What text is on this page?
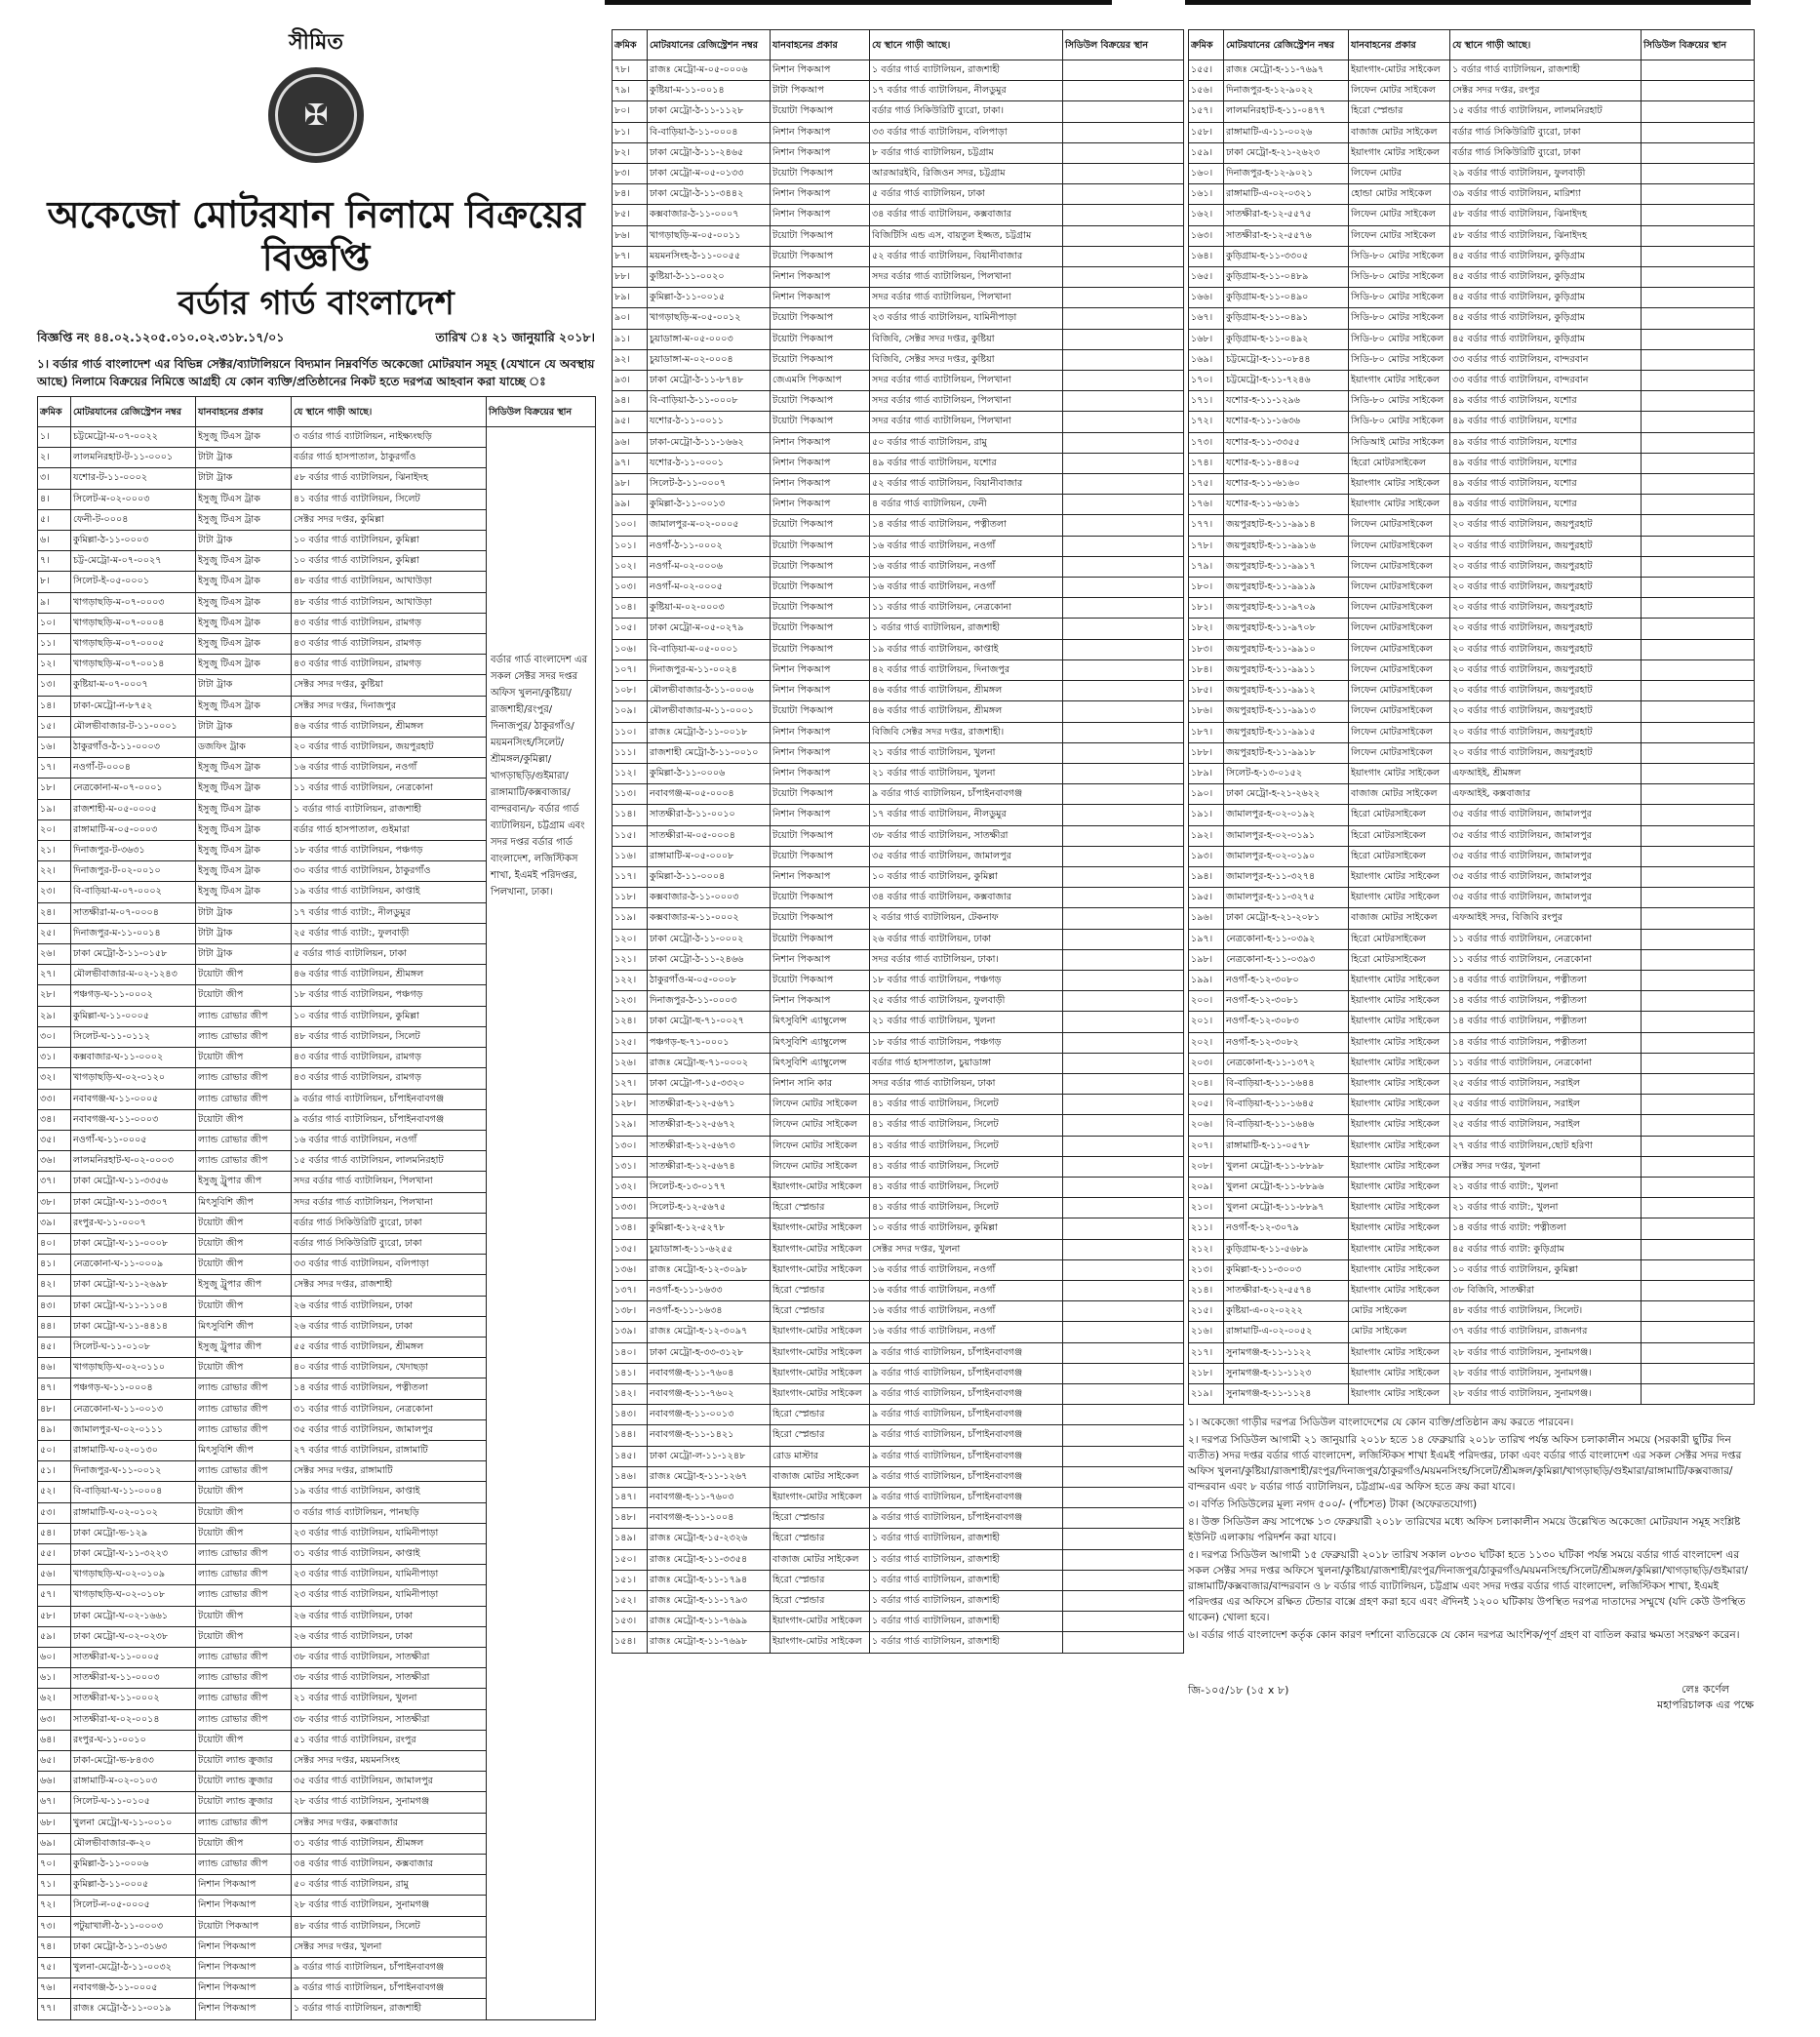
সীমিত
✠
অকেজো মোটরযান নিলামে বিক্রয়ের বিজ্ঞপ্তি
বর্ডার গার্ড বাংলাদেশ
বিজ্ঞপ্তি নং ৪৪.০২.১২০৫.০১০.০২.৩১৮.১৭/০১	তারিখ ঃ ২১ জানুয়ারি ২০১৮।
১। বর্ডার গার্ড বাংলাদেশ এর বিভিন্ন সেক্টর/ব্যাটালিয়নে বিদ্যমান নিম্নবর্ণিত অকেজো মোটরযান সমূহ (যেখানে যে অবস্থায় আছে) নিলামে বিক্রয়ের নিমিত্তে আগ্রহী যে কোন ব্যক্তি/প্রতিষ্ঠানের নিকট হতে দরপত্র আহবান করা যাচ্ছে ঃ
ক্রমিক	মোটরযানের রেজিস্ট্রেশন নম্বর	যানবাহনের প্রকার	যে স্থানে গাড়ী আছে।	সিডিউল বিক্রয়ের স্থান
১।	চট্টমেট্রো-ম-০৭-০০২২	ইসুজু টিএস ট্রাক	৩ বর্ডার গার্ড ব্যাটালিয়ন, নাইক্ষ্যংছড়ি	বর্ডার গার্ড বাংলাদেশ এর সকল সেক্টর সদর দপ্তর অফিস খুলনা/কুষ্টিয়া/ রাজশাহী/রংপুর/দিনাজপুর/ ঠাকুরগাঁও/ময়মনসিংহ/সিলেট/শ্রীমঙ্গল/কুমিল্লা/খাগড়াছড়ি/গুইমারা/রাঙ্গামাটি/কক্সবাজার/বান্দরবান/৮ বর্ডার গার্ড ব্যাটালিয়ন, চট্টগ্রাম এবং সদর দপ্তর বর্ডার গার্ড বাংলাদেশ, লজিস্টিকস শাখা, ইএমই পরিদপ্তর, পিলখানা, ঢাকা।
২।	লালমনিরহাট-ট-১১-০০০১	টাটা ট্রাক	বর্ডার গার্ড হাসপাতাল, ঠাকুরগাঁও	
৩।	যশোর-ট-১১-০০০২	টাটা ট্রাক	৫৮ বর্ডার গার্ড ব্যাটালিয়ন, ঝিনাইদহ	
৪।	সিলেট-ম-০২-০০০৩	ইসুজু টিএস ট্রাক	৪১ বর্ডার গার্ড ব্যাটালিয়ন, সিলেট	
৫।	ফেনী-ট-০০০৪	ইসুজু টিএস ট্রাক	সেক্টর সদর দপ্তর, কুমিল্লা	
৬।	কুমিল্লা-ঠ-১১-০০০৩	টাটা ট্রাক	১০ বর্ডার গার্ড ব্যাটালিয়ন, কুমিল্লা	
৭।	চট্ট-মেট্রো-ম-০৭-০০২৭	ইসুজু টিএস ট্রাক	১০ বর্ডার গার্ড ব্যাটালিয়ন, কুমিল্লা	
৮।	সিলেট-ই-০৫-০০০১	ইসুজু টিএস ট্রাক	৪৮ বর্ডার গার্ড ব্যাটালিয়ন, আখাউড়া	
৯।	খাগড়াছড়ি-ম-০৭-০০০৩	ইসুজু টিএস ট্রাক	৪৮ বর্ডার গার্ড ব্যাটালিয়ন, আখাউড়া	
১০।	খাগড়াছড়ি-ম-০৭-০০০৪	ইসুজু টিএস ট্রাক	৪৩ বর্ডার গার্ড ব্যাটালিয়ন, রামগড়	
১১।	খাগড়াছড়ি-ম-০৭-০০০৫	ইসুজু টিএস ট্রাক	৪৩ বর্ডার গার্ড ব্যাটালিয়ন, রামগড়	
১২।	খাগড়াছড়ি-ম-০৭-০০১৪	ইসুজু টিএস ট্রাক	৪৩ বর্ডার গার্ড ব্যাটালিয়ন, রামগড়	
১৩।	কুষ্টিয়া-ম-০৭-০০০৭	টাটা ট্রাক	সেক্টর সদর দপ্তর, কুষ্টিয়া	
১৪।	ঢাকা-মেট্রো-ন-৮৭৫২	ইসুজু টিএস ট্রাক	সেক্টর সদর দপ্তর, দিনাজপুর	
১৫।	মৌলভীবাজার-ট-১১-০০০১	টাটা ট্রাক	৪৬ বর্ডার গার্ড ব্যাটালিয়ন, শ্রীমঙ্গল	
১৬।	ঠাকুরগাঁও-ঠ-১১-০০০৩	ডজফিং ট্রাক	২০ বর্ডার গার্ড ব্যাটালিয়ন, জয়পুরহাট	
১৭।	নওগাঁ-ট-০০০৪	ইসুজু টিএস ট্রাক	১৬ বর্ডার গার্ড ব্যাটালিয়ন, নওগাঁ	
১৮।	নেত্রকোনা-ম-০৭-০০০১	ইসুজু টিএস ট্রাক	১১ বর্ডার গার্ড ব্যাটালিয়ন, নেত্রকোনা	
১৯।	রাজশাহী-ম-০৫-০০০৫	ইসুজু টিএস ট্রাক	১ বর্ডার গার্ড ব্যাটালিয়ন, রাজশাহী	
২০।	রাঙ্গামাটি-ম-০৫-০০০৩	ইসুজু টিএস ট্রাক	বর্ডার গার্ড হাসপাতাল, গুইমারা	
২১।	দিনাজপুর-ট-৩৬৩১	ইসুজু টিএস ট্রাক	১৮ বর্ডার গার্ড ব্যাটালিয়ন, পঞ্চগড়	
২২।	দিনাজপুর-ট-০২-০০১০	ইসুজু টিএস ট্রাক	৩০ বর্ডার গার্ড ব্যাটালিয়ন, ঠাকুরগাঁও	
২৩।	বি-বাড়িয়া-ম-০৭-০০০২	ইসুজু টিএস ট্রাক	১৯ বর্ডার গার্ড ব্যাটালিয়ন, কাপ্তাই	
২৪।	সাতক্ষীরা-ম-০৭-০০০৪	টাটা ট্রাক	১৭ বর্ডার গার্ড ব্যাটা:, নীলডুমুর	
২৫।	দিনাজপুর-ম-১১-০০১৪	টাটা ট্রাক	২৫ বর্ডার গার্ড ব্যাটা:, ফুলবাড়ী	
২৬।	ঢাকা মেট্রো-ঠ-১১-০১৫৮	টাটা ট্রাক	৫ বর্ডার গার্ড ব্যাটালিয়ন, ঢাকা	
২৭।	মৌলভীবাজার-ম-০২-১২৪৩	টয়োটা জীপ	৪৬ বর্ডার গার্ড ব্যাটালিয়ন, শ্রীমঙ্গল	
২৮।	পঞ্চগড়-ঘ-১১-০০০২	টয়োটা জীপ	১৮ বর্ডার গার্ড ব্যাটালিয়ন, পঞ্চগড়	
২৯।	কুমিল্লা-ঘ-১১-০০০৫	ল্যান্ড রোভার জীপ	১০ বর্ডার গার্ড ব্যাটালিয়ন, কুমিল্লা	
৩০।	সিলেট-ঘ-১১-০১১২	ল্যান্ড রোভার জীপ	৪৮ বর্ডার গার্ড ব্যাটালিয়ন, সিলেট	
৩১।	কক্সবাজার-ঘ-১১-০০০২	টয়োটা জীপ	৪৩ বর্ডার গার্ড ব্যাটালিয়ন, রামগড়	
৩২।	খাগড়াছড়ি-ঘ-০২-০১২০	ল্যান্ড রোভার জীপ	৪৩ বর্ডার গার্ড ব্যাটালিয়ন, রামগড়	
৩৩।	নবাবগঞ্জ-ঘ-১১-০০০৫	ল্যান্ড রোভার জীপ	৯ বর্ডার গার্ড ব্যাটালিয়ন, চাঁপাইনবাবগঞ্জ	
৩৪।	নবাবগঞ্জ-ঘ-১১-০০০৩	টয়োটা জীপ	৯ বর্ডার গার্ড ব্যাটালিয়ন, চাঁপাইনবাবগঞ্জ	
৩৫।	নওগাঁ-ঘ-১১-০০০৫	ল্যান্ড রোভার জীপ	১৬ বর্ডার গার্ড ব্যাটালিয়ন, নওগাঁ	
৩৬।	লালমনিরহাট-ঘ-০২-০০০৩	ল্যান্ড রোভার জীপ	১৫ বর্ডার গার্ড ব্যাটালিয়ন, লালমনিরহাট	
৩৭।	ঢাকা মেট্রো-ঘ-১১-৩৩৫৬	ইসুজু ট্রুপার জীপ	সদর বর্ডার গার্ড ব্যাটালিয়ন, পিলখানা	
৩৮।	ঢাকা মেট্রো-ঘ-১১-৩৩০৭	মিৎসুবিশি জীপ	সদর বর্ডার গার্ড ব্যাটালিয়ন, পিলখানা	
৩৯।	রংপুর-ঘ-১১-০০০৭	টয়োটা জীপ	বর্ডার গার্ড সিকিউরিটি ব্যুরো, ঢাকা	
৪০।	ঢাকা মেট্রো-ঘ-১১-০০০৮	টয়োটা জীপ	বর্ডার গার্ড সিকিউরিটি ব্যুরো, ঢাকা	
৪১।	নেত্রকোনা-ঘ-১১-০০০৯	টয়োটা জীপ	৩৩ বর্ডার গার্ড ব্যাটালিয়ন, বলিপাড়া	
৪২।	ঢাকা মেট্রো-ঘ-১১-২৬৯৮	ইসুজু ট্রুপার জীপ	সেক্টর সদর দপ্তর, রাজশাহী	
৪৩।	ঢাকা মেট্রো-ঘ-১১-১১০৪	টয়োটা জীপ	২৬ বর্ডার গার্ড ব্যাটালিয়ন, ঢাকা	
৪৪।	ঢাকা মেট্রো-ঘ-১১-৪৪১৪	মিৎসুবিশি জীপ	২৬ বর্ডার গার্ড ব্যাটালিয়ন, ঢাকা	
৪৫।	সিলেট-ঘ-১১-০১০৮	ইসুজু ট্রুপার জীপ	৫৫ বর্ডার গার্ড ব্যাটালিয়ন, শ্রীমঙ্গল	
৪৬।	খাগড়াছড়ি-ঘ-০২-০১১০	টয়োটা জীপ	৪০ বর্ডার গার্ড ব্যাটালিয়ন, খেদাছড়া	
৪৭।	পঞ্চগড়-ঘ-১১-০০০৪	ল্যান্ড রোভার জীপ	১৪ বর্ডার গার্ড ব্যাটালিয়ন, পত্নীতলা	
৪৮।	নেত্রকোনা-ঘ-১১-০০১৩	ল্যান্ড রোভার জীপ	৩১ বর্ডার গার্ড ব্যাটালিয়ন, নেত্রকোনা	
৪৯।	জামালপুর-ঘ-০২-০১১১	ল্যান্ড রোভার জীপ	৩৫ বর্ডার গার্ড ব্যাটালিয়ন, জামালপুর	
৫০।	রাঙ্গামাটি-ঘ-০২-০১৩০	মিৎসুবিশি জীপ	২৭ বর্ডার গার্ড ব্যাটালিয়ন, রাঙ্গামাটি	
৫১।	দিনাজপুর-ঘ-১১-০০১২	ল্যান্ড রোভার জীপ	সেক্টর সদর দপ্তর, রাঙ্গামাটি	
৫২।	বি-বাড়িয়া-ঘ-১১-০০০৪	টয়োটা জীপ	১৯ বর্ডার গার্ড ব্যাটালিয়ন, কাপ্তাই	
৫৩।	রাঙ্গামাটি-ঘ-০২-০১০২	টয়োটা জীপ	৩ বর্ডার গার্ড ব্যাটালিয়ন, পানছড়ি	
৫৪।	ঢাকা মেট্রো-ভ-১২৯	টয়োটা জীপ	২৩ বর্ডার গার্ড ব্যাটালিয়ন, যামিনীপাড়া	
৫৫।	ঢাকা মেট্রো-ঘ-১১-৩২২৩	ল্যান্ড রোভার জীপ	৩১ বর্ডার গার্ড ব্যাটালিয়ন, কাপ্তাই	
৫৬।	খাগড়াছড়ি-ঘ-০২-০১০৯	ল্যান্ড রোভার জীপ	২৩ বর্ডার গার্ড ব্যাটালিয়ন, যামিনীপাড়া	
৫৭।	খাগড়াছড়ি-ঘ-০২-০১০৮	ল্যান্ড রোভার জীপ	২৩ বর্ডার গার্ড ব্যাটালিয়ন, যামিনীপাড়া	
৫৮।	ঢাকা মেট্রো-ঘ-০২-১৬৬১	টয়োটা জীপ	২৬ বর্ডার গার্ড ব্যাটালিয়ন, ঢাকা	
৫৯।	ঢাকা মেট্রো-ঘ-০২-০২৩৮	টয়োটা জীপ	২৬ বর্ডার গার্ড ব্যাটালিয়ন, ঢাকা	
৬০।	সাতক্ষীরা-ঘ-১১-০০০৫	ল্যান্ড রোভার জীপ	৩৮ বর্ডার গার্ড ব্যাটালিয়ন, সাতক্ষীরা	
৬১।	সাতক্ষীরা-ঘ-১১-০০০৩	ল্যান্ড রোভার জীপ	৩৮ বর্ডার গার্ড ব্যাটালিয়ন, সাতক্ষীরা	
৬২।	সাতক্ষীরা-ঘ-১১-০০০২	ল্যান্ড রোভার জীপ	২১ বর্ডার গার্ড ব্যাটালিয়ন, খুলনা	
৬৩।	সাতক্ষীরা-ঘ-০২-০০১৪	ল্যান্ড রোভার জীপ	৩৮ বর্ডার গার্ড ব্যাটালিয়ন, সাতক্ষীরা	
৬৪।	রংপুর-ঘ-১১-০০১০	টয়োটা জীপ	৫১ বর্ডার গার্ড ব্যাটালিয়ন, রংপুর	
৬৫।	ঢাকা-মেট্রো-ভ-৮৪৩৩	টয়োটা ল্যান্ড ক্রুজার	সেক্টর সদর দপ্তর, ময়মনসিংহ	
৬৬।	রাঙ্গামাটি-ম-০২-০১০৩	টয়োটা ল্যান্ড ক্রুজার	৩৫ বর্ডার গার্ড ব্যাটালিয়ন, জামালপুর	
৬৭।	সিলেট-ঘ-১১-০১০৫	টয়োটা ল্যান্ড ক্রুজার	২৮ বর্ডার গার্ড ব্যাটালিয়ন, সুনামগঞ্জ	
৬৮।	খুলনা মেট্রো-ঘ-১১-০০১০	ল্যান্ড রোভার জীপ	সেক্টর সদর দপ্তর, কক্সবাজার	
৬৯।	মৌলভীবাজার-ক-২০	টয়োটা জীপ	৩১ বর্ডার গার্ড ব্যাটালিয়ন, শ্রীমঙ্গল	
৭০।	কুমিল্লা-ঠ-১১-০০০৬	ল্যান্ড রোভার জীপ	৩৪ বর্ডার গার্ড ব্যাটালিয়ন, কক্সবাজার	
৭১।	কুমিল্লা-ঠ-১১-০০০৫	নিশান পিকআপ	৫০ বর্ডার গার্ড ব্যাটালিয়ন, রামু	
৭২।	সিলেট-ন-০৫-০০০৫	নিশান পিকআপ	২৮ বর্ডার গার্ড ব্যাটালিয়ন, সুনামগঞ্জ	
৭৩।	পটুয়াখালী-ঠ-১১-০০০৩	টয়োটা পিকআপ	৪৮ বর্ডার গার্ড ব্যাটালিয়ন, সিলেট	
৭৪।	ঢাকা মেট্রো-ঠ-১১-৩১৬৩	নিশান পিকআপ	সেক্টর সদর দপ্তর, খুলনা	
৭৫।	খুলনা-মেট্রো-ঠ-১১-০০৩২	নিশান পিকআপ	৯ বর্ডার গার্ড ব্যাটালিয়ন, চাঁপাইনবাবগঞ্জ	
৭৬।	নবাবগঞ্জ-ঠ-১১-০০০৫	নিশান পিকআপ	৯ বর্ডার গার্ড ব্যাটালিয়ন, চাঁপাইনবাবগঞ্জ	
৭৭।	রাজঃ মেট্রো-ঠ-১১-০০১৯	নিশান পিকআপ	১ বর্ডার গার্ড ব্যাটালিয়ন, রাজশাহী	
ক্রমিক	মোটরযানের রেজিস্ট্রেশন নম্বর	যানবাহনের প্রকার	যে স্থানে গাড়ী আছে।	সিডিউল বিক্রয়ের স্থান
৭৮।	রাজঃ মেট্রো-ম-০৫-০০০৬	নিশান পিকআপ	১ বর্ডার গার্ড ব্যাটালিয়ন, রাজশাহী	
৭৯।	কুষ্টিয়া-ম-১১-০০১৪	টাটা পিকআপ	১৭ বর্ডার গার্ড ব্যাটালিয়ন, নীলডুমুর	
৮০।	ঢাকা মেট্রো-ঠ-১১-১১২৮	টয়োটা পিকআপ	বর্ডার গার্ড সিকিউরিটি ব্যুরো, ঢাকা।	
৮১।	বি-বাড়িয়া-ঠ-১১-০০০৪	নিশান পিকআপ	৩৩ বর্ডার গার্ড ব্যাটালিয়ন, বলিপাড়া	
৮২।	ঢাকা মেট্রো-ঠ-১১-২৪৬৫	নিশান পিকআপ	৮ বর্ডার গার্ড ব্যাটালিয়ন, চট্টগ্রাম	
৮৩।	ঢাকা মেট্রো-ম-০৫-০১৩৩	টয়োটা পিকআপ	আরআরইবি, রিজিওন সদর, চট্টগ্রাম	
৮৪।	ঢাকা মেট্রো-ঠ-১১-৩৪৪২	নিশান পিকআপ	৫ বর্ডার গার্ড ব্যাটালিয়ন, ঢাকা	
৮৫।	কক্সবাজার-ঠ-১১-০০০৭	নিশান পিকআপ	৩৪ বর্ডার গার্ড ব্যাটালিয়ন, কক্সবাজার	
৮৬।	খাগড়াছড়ি-ম-০৫-০০১১	টয়োটা পিকআপ	বিজিটিসি এন্ড এস, বায়তুল ইজ্জত, চট্টগ্রাম	
৮৭।	ময়মনসিংহ-ঠ-১১-০০৫৫	টয়োটা পিকআপ	৫২ বর্ডার গার্ড ব্যাটালিয়ন, বিয়ানীবাজার	
৮৮।	কুষ্টিয়া-ঠ-১১-০০২০	নিশান পিকআপ	সদর বর্ডার গার্ড ব্যাটালিয়ন, পিলখানা	
৮৯।	কুমিল্লা-ঠ-১১-০০১৫	নিশান পিকআপ	সদর বর্ডার গার্ড ব্যাটালিয়ন, পিলখানা	
৯০।	খাগড়াছড়ি-ম-০৫-০০১২	টয়োটা পিকআপ	২৩ বর্ডার গার্ড ব্যাটালিয়ন, যামিনীপাড়া	
৯১।	চুয়াডাঙ্গা-ম-০৫-০০০৩	টয়োটা পিকআপ	বিজিবি, সেক্টর সদর দপ্তর, কুষ্টিয়া	
৯২।	চুয়াডাঙ্গা-ম-০২-০০০৪	টয়োটা পিকআপ	বিজিবি, সেক্টর সদর দপ্তর, কুষ্টিয়া	
৯৩।	ঢাকা মেট্রো-ঠ-১১-৮৭৪৮	জেএমসি পিকআপ	সদর বর্ডার গার্ড ব্যাটালিয়ন, পিলখানা	
৯৪।	বি-বাড়িয়া-ঠ-১১-০০০৮	টয়োটা পিকআপ	সদর বর্ডার গার্ড ব্যাটালিয়ন, পিলখানা	
৯৫।	যশোর-ঠ-১১-০০১১	টয়োটা পিকআপ	সদর বর্ডার গার্ড ব্যাটালিয়ন, পিলখানা	
৯৬।	ঢাকা-মেট্রো-ঠ-১১-১৬৬২	নিশান পিকআপ	৫০ বর্ডার গার্ড ব্যাটালিয়ন, রামু	
৯৭।	যশোর-ঠ-১১-০০০১	নিশান পিকআপ	৪৯ বর্ডার গার্ড ব্যাটালিয়ন, যশোর	
৯৮।	সিলেট-ঠ-১১-০০০৭	নিশান পিকআপ	৫২ বর্ডার গার্ড ব্যাটালিয়ন, বিয়ানীবাজার	
৯৯।	কুমিল্লা-ঠ-১১-০০১৩	নিশান পিকআপ	৪ বর্ডার গার্ড ব্যাটালিয়ন, ফেনী	
১০০।	জামালপুর-ম-০২-০০০৫	টয়োটা পিকআপ	১৪ বর্ডার গার্ড ব্যাটালিয়ন, পত্নীতলা	
১০১।	নওগাঁ-ঠ-১১-০০০২	টয়োটা পিকআপ	১৬ বর্ডার গার্ড ব্যাটালিয়ন, নওগাঁ	
১০২।	নওগাঁ-ম-০২-০০০৬	টয়োটা পিকআপ	১৬ বর্ডার গার্ড ব্যাটালিয়ন, নওগাঁ	
১০৩।	নওগাঁ-ম-০২-০০০৫	টয়োটা পিকআপ	১৬ বর্ডার গার্ড ব্যাটালিয়ন, নওগাঁ	
১০৪।	কুষ্টিয়া-ম-০২-০০০৩	টয়োটা পিকআপ	১১ বর্ডার গার্ড ব্যাটালিয়ন, নেত্রকোনা	
১০৫।	ঢাকা মেট্রো-ম-০৫-০২৭৯	টয়োটা পিকআপ	১ বর্ডার গার্ড ব্যাটালিয়ন, রাজশাহী	
১০৬।	বি-বাড়িয়া-ম-০৫-০০০১	টয়োটা পিকআপ	১৯ বর্ডার গার্ড ব্যাটালিয়ন, কাপ্তাই	
১০৭।	দিনাজপুর-ম-১১-০০২৪	নিশান পিকআপ	৪২ বর্ডার গার্ড ব্যাটালিয়ন, দিনাজপুর	
১০৮।	মৌলভীবাজার-ঠ-১১-০০০৬	নিশান পিকআপ	৪৬ বর্ডার গার্ড ব্যাটালিয়ন, শ্রীমঙ্গল	
১০৯।	মৌলভীবাজার-ম-১১-০০০১	টয়োটা পিকআপ	৪৬ বর্ডার গার্ড ব্যাটালিয়ন, শ্রীমঙ্গল	
১১০।	রাজঃ মেট্রো-ঠ-১১-০০১৮	নিশান পিকআপ	বিজিবি সেক্টর সদর দপ্তর, রাজশাহী।	
১১১।	রাজশাহী মেট্রো-ঠ-১১-০০১০	নিশান পিকআপ	২১ বর্ডার গার্ড ব্যাটালিয়ন, খুলনা	
১১২।	কুমিল্লা-ঠ-১১-০০০৬	নিশান পিকআপ	২১ বর্ডার গার্ড ব্যাটালিয়ন, খুলনা	
১১৩।	নবাবগঞ্জ-ম-০৫-০০০৪	টয়োটা পিকআপ	৯ বর্ডার গার্ড ব্যাটালিয়ন, চাঁপাইনবাবগঞ্জ	
১১৪।	সাতক্ষীরা-ঠ-১১-০০১০	নিশান পিকআপ	১৭ বর্ডার গার্ড ব্যাটালিয়ন, নীলডুমুর	
১১৫।	সাতক্ষীরা-ম-০৫-০০০৪	টয়োটা পিকআপ	৩৮ বর্ডার গার্ড ব্যাটালিয়ন, সাতক্ষীরা	
১১৬।	রাঙ্গামাটি-ম-০৫-০০০৮	টয়োটা পিকআপ	৩৫ বর্ডার গার্ড ব্যাটালিয়ন, জামালপুর	
১১৭।	কুমিল্লা-ঠ-১১-০০০৪	নিশান পিকআপ	১০ বর্ডার গার্ড ব্যাটালিয়ন, কুমিল্লা	
১১৮।	কক্সবাজার-ঠ-১১-০০০৩	টয়োটা পিকআপ	৩৪ বর্ডার গার্ড ব্যাটালিয়ন, কক্সবাজার	
১১৯।	কক্সবাজার-ম-১১-০০০২	টয়োটা পিকআপ	২ বর্ডার গার্ড ব্যাটালিয়ন, টেকনাফ	
১২০।	ঢাকা মেট্রো-ঠ-১১-০০০২	টয়োটা পিকআপ	২৬ বর্ডার গার্ড ব্যাটালিয়ন, ঢাকা	
১২১।	ঢাকা মেট্রো-ঠ-১১-২৪৬৬	নিশান পিকআপ	সদর বর্ডার গার্ড ব্যাটালিয়ন, ঢাকা।	
১২২।	ঠাকুরগাঁও-ম-০৫-০০০৮	টয়োটা পিকআপ	১৮ বর্ডার গার্ড ব্যাটালিয়ন, পঞ্চগড়	
১২৩।	দিনাজপুর-ঠ-১১-০০০৩	নিশান পিকআপ	২৫ বর্ডার গার্ড ব্যাটালিয়ন, ফুলবাড়ী	
১২৪।	ঢাকা মেট্রো-ছ-৭১-০০২৭	মিৎসুবিশি এ্যাম্বুলেন্স	২১ বর্ডার গার্ড ব্যাটালিয়ন, খুলনা	
১২৫।	পঞ্চগড়-ছ-৭১-০০০১	মিৎসুবিশি এ্যাম্বুলেন্স	১৮ বর্ডার গার্ড ব্যাটালিয়ন, পঞ্চগড়	
১২৬।	রাজঃ মেট্রো-ছ-৭১-০০০২	মিৎসুবিশি এ্যাম্বুলেন্স	বর্ডার গার্ড হাসপাতাল, চুয়াডাঙ্গা	
১২৭।	ঢাকা মেট্রো-গ-১৫-৩৩২০	নিশান সানি কার	সদর বর্ডার গার্ড ব্যাটালিয়ন, ঢাকা	
১২৮।	সাতক্ষীরা-হ-১২-৫৬৭১	লিফেন মোটর সাইকেল	৪১ বর্ডার গার্ড ব্যাটালিয়ন, সিলেট	
১২৯।	সাতক্ষীরা-হ-১২-৫৬৭২	লিফেন মোটর সাইকেল	৪১ বর্ডার গার্ড ব্যাটালিয়ন, সিলেট	
১৩০।	সাতক্ষীরা-হ-১২-৫৬৭৩	লিফেন মোটর সাইকেল	৪১ বর্ডার গার্ড ব্যাটালিয়ন, সিলেট	
১৩১।	সাতক্ষীরা-হ-১২-৫৬৭৪	লিফেন মোটর সাইকেল	৪১ বর্ডার গার্ড ব্যাটালিয়ন, সিলেট	
১৩২।	সিলেট-হ-১৩-০১৭৭	ইয়াংগাং-মোটর সাইকেল	৪১ বর্ডার গার্ড ব্যাটালিয়ন, সিলেট	
১৩৩।	সিলেট-হ-১২-৫৬৭৫	হিরো স্প্লেন্ডার	৪১ বর্ডার গার্ড ব্যাটালিয়ন, সিলেট	
১৩৪।	কুমিল্লা-হ-১২-৫২৭৮	ইয়াংগাং-মোটর সাইকেল	১০ বর্ডার গার্ড ব্যাটালিয়ন, কুমিল্লা	
১৩৫।	চুয়াডাঙ্গা-হ-১১-৬২৫৫	ইয়াংগাং-মোটর সাইকেল	সেক্টর সদর দপ্তর, খুলনা	
১৩৬।	রাজঃ মেট্রো-হ-১২-৩০৯৮	ইয়াংগাং-মোটর সাইকেল	১৬ বর্ডার গার্ড ব্যাটালিয়ন, নওগাঁ	
১৩৭।	নওগাঁ-হ-১১-১৬৩৩	হিরো স্প্লেন্ডার	১৬ বর্ডার গার্ড ব্যাটালিয়ন, নওগাঁ	
১৩৮।	নওগাঁ-হ-১১-১৬৩৪	হিরো স্প্লেন্ডার	১৬ বর্ডার গার্ড ব্যাটালিয়ন, নওগাঁ	
১৩৯।	রাজঃ মেট্রো-হ-১২-৩০৯৭	ইয়াংগাং-মোটর সাইকেল	১৬ বর্ডার গার্ড ব্যাটালিয়ন, নওগাঁ	
১৪০।	ঢাকা মেট্রো-হ-৩৩-৩১২৮	ইয়াংগাং-মোটর সাইকেল	৯ বর্ডার গার্ড ব্যাটালিয়ন, চাঁপাইনবাবগঞ্জ	
১৪১।	নবাবগঞ্জ-হ-১১-৭৬০৪	ইয়াংগাং-মোটর সাইকেল	৯ বর্ডার গার্ড ব্যাটালিয়ন, চাঁপাইনবাবগঞ্জ	
১৪২।	নবাবগঞ্জ-হ-১১-৭৬০২	ইয়াংগাং-মোটর সাইকেল	৯ বর্ডার গার্ড ব্যাটালিয়ন, চাঁপাইনবাবগঞ্জ	
১৪৩।	নবাবগঞ্জ-হ-১১-০০১৩	হিরো স্প্লেন্ডার	৯ বর্ডার গার্ড ব্যাটালিয়ন, চাঁপাইনবাবগঞ্জ	
১৪৪।	নবাবগঞ্জ-হ-১১-১৪২১	হিরো স্প্লেন্ডার	৯ বর্ডার গার্ড ব্যাটালিয়ন, চাঁপাইনবাবগঞ্জ	
১৪৫।	ঢাকা মেট্রো-ল-১১-১২৪৮	রোড মাস্টার	৯ বর্ডার গার্ড ব্যাটালিয়ন, চাঁপাইনবাবগঞ্জ	
১৪৬।	রাজঃ মেট্রো-হ-১১-১২৬৭	বাজাজ মোটর সাইকেল	৯ বর্ডার গার্ড ব্যাটালিয়ন, চাঁপাইনবাবগঞ্জ	
১৪৭।	নবাবগঞ্জ-হ-১১-৭৬০৩	ইয়াংগাং-মোটর সাইকেল	৯ বর্ডার গার্ড ব্যাটালিয়ন, চাঁপাইনবাবগঞ্জ	
১৪৮।	নবাবগঞ্জ-হ-১১-১০০৪	হিরো স্প্লেন্ডার	৯ বর্ডার গার্ড ব্যাটালিয়ন, চাঁপাইনবাবগঞ্জ	
১৪৯।	রাজঃ মেট্রো-হ-১৫-২৩২৬	হিরো স্প্লেন্ডার	১ বর্ডার গার্ড ব্যাটালিয়ন, রাজশাহী	
১৫০।	রাজঃ মেট্রো-হ-১১-৩৩৫৪	বাজাজ মোটর সাইকেল	১ বর্ডার গার্ড ব্যাটালিয়ন, রাজশাহী	
১৫১।	রাজঃ মেট্রো-হ-১১-১৭৯৪	হিরো স্প্লেন্ডার	১ বর্ডার গার্ড ব্যাটালিয়ন, রাজশাহী	
১৫২।	রাজঃ মেট্রো-হ-১১-১৭৯৩	হিরো স্প্লেন্ডার	১ বর্ডার গার্ড ব্যাটালিয়ন, রাজশাহী	
১৫৩।	রাজঃ মেট্রো-হ-১১-৭৬৯৯	ইয়াংগাং-মোটর সাইকেল	১ বর্ডার গার্ড ব্যাটালিয়ন, রাজশাহী	
১৫৪।	রাজঃ মেট্রো-হ-১১-৭৬৯৮	ইয়াংগাং-মোটর সাইকেল	১ বর্ডার গার্ড ব্যাটালিয়ন, রাজশাহী	
ক্রমিক	মোটরযানের রেজিস্ট্রেশন নম্বর	যানবাহনের প্রকার	যে স্থানে গাড়ী আছে।	সিডিউল বিক্রয়ের স্থান
১৫৫।	রাজঃ মেট্রো-হ-১১-৭৬৯৭	ইয়াংগাং-মোটর সাইকেল	১ বর্ডার গার্ড ব্যাটালিয়ন, রাজশাহী	
১৫৬।	দিনাজপুর-হ-১২-৯০২২	লিফেন মোটর সাইকেল	সেক্টর সদর দপ্তর, রংপুর	
১৫৭।	লালমনিরহাট-হ-১১-০৪৭৭	হিরো স্প্লেন্ডার	১৫ বর্ডার গার্ড ব্যাটালিয়ন, লালমনিরহাট	
১৫৮।	রাঙ্গামাটি-এ-১১-০০২৬	বাজাজ মোটর সাইকেল	বর্ডার গার্ড সিকিউরিটি ব্যুরো, ঢাকা	
১৫৯।	ঢাকা মেট্রো-হ-২১-২৬২৩	ইয়াংগাং মোটর সাইকেল	বর্ডার গার্ড সিকিউরিটি ব্যুরো, ঢাকা	
১৬০।	দিনাজপুর-হ-১২-৯০২১	লিফেন মোটর	২৯ বর্ডার গার্ড ব্যাটালিয়ন, ফুলবাড়ী	
১৬১।	রাঙ্গামাটি-এ-০২-০৩২১	হোন্ডা মোটর সাইকেল	৩৯ বর্ডার গার্ড ব্যাটালিয়ন, মারিশ্যা	
১৬২।	সাতক্ষীরা-হ-১২-৫৫৭৫	লিফেন মোটর সাইকেল	৫৮ বর্ডার গার্ড ব্যাটালিয়ন, ঝিনাইদহ	
১৬৩।	সাতক্ষীরা-হ-১২-৫৫৭৬	লিফেন মোটর সাইকেল	৫৮ বর্ডার গার্ড ব্যাটালিয়ন, ঝিনাইদহ	
১৬৪।	কুড়িগ্রাম-হ-১১-৩৩০৫	সিডি-৮০ মোটর সাইকেল	৪৫ বর্ডার গার্ড ব্যাটালিয়ন, কুড়িগ্রাম	
১৬৫।	কুড়িগ্রাম-হ-১১-০৪৮৯	সিডি-৮০ মোটর সাইকেল	৪৫ বর্ডার গার্ড ব্যাটালিয়ন, কুড়িগ্রাম	
১৬৬।	কুড়িগ্রাম-হ-১১-০৪৯০	সিডি-৮০ মোটর সাইকেল	৪৫ বর্ডার গার্ড ব্যাটালিয়ন, কুড়িগ্রাম	
১৬৭।	কুড়িগ্রাম-হ-১১-০৪৯১	সিডি-৮০ মোটর সাইকেল	৪৫ বর্ডার গার্ড ব্যাটালিয়ন, কুড়িগ্রাম	
১৬৮।	কুড়িগ্রাম-হ-১১-০৪৯২	সিডি-৮০ মোটর সাইকেল	৪৫ বর্ডার গার্ড ব্যাটালিয়ন, কুড়িগ্রাম	
১৬৯।	চট্টমেট্রো-হ-১১-০৮৪৪	সিডি-৮০ মোটর সাইকেল	৩৩ বর্ডার গার্ড ব্যাটালিয়ন, বান্দরবান	
১৭০।	চট্টমেট্রো-হ-১১-৭২৪৬	ইয়াংগাং মোটর সাইকেল	৩৩ বর্ডার গার্ড ব্যাটালিয়ন, বান্দরবান	
১৭১।	যশোর-হ-১১-১২৯৬	সিডি-৮০ মোটর সাইকেল	৪৯ বর্ডার গার্ড ব্যাটালিয়ন, যশোর	
১৭২।	যশোর-হ-১১-১৬৩৬	সিডি-৮০ মোটর সাইকেল	৪৯ বর্ডার গার্ড ব্যাটালিয়ন, যশোর	
১৭৩।	যশোর-হ-১১-৩৩৫৫	সিডিআই মোটর সাইকেল	৪৯ বর্ডার গার্ড ব্যাটালিয়ন, যশোর	
১৭৪।	যশোর-হ-১১-৪৪০৫	হিরো মোটরসাইকেল	৪৯ বর্ডার গার্ড ব্যাটালিয়ন, যশোর	
১৭৫।	যশোর-হ-১১-৬১৬০	ইয়াংগাং মোটর সাইকেল	৪৯ বর্ডার গার্ড ব্যাটালিয়ন, যশোর	
১৭৬।	যশোর-হ-১১-৬১৬১	ইয়াংগাং মোটর সাইকেল	৪৯ বর্ডার গার্ড ব্যাটালিয়ন, যশোর	
১৭৭।	জয়পুরহাট-হ-১১-৯৯১৪	লিফেন মোটরসাইকেল	২০ বর্ডার গার্ড ব্যাটালিয়ন, জয়পুরহাট	
১৭৮।	জয়পুরহাট-হ-১১-৯৯১৬	লিফেন মোটরসাইকেল	২০ বর্ডার গার্ড ব্যাটালিয়ন, জয়পুরহাট	
১৭৯।	জয়পুরহাট-হ-১১-৯৯১৭	লিফেন মোটরসাইকেল	২০ বর্ডার গার্ড ব্যাটালিয়ন, জয়পুরহাট	
১৮০।	জয়পুরহাট-হ-১১-৯৯১৯	লিফেন মোটরসাইকেল	২০ বর্ডার গার্ড ব্যাটালিয়ন, জয়পুরহাট	
১৮১।	জয়পুরহাট-হ-১১-৯৭০৯	লিফেন মোটরসাইকেল	২০ বর্ডার গার্ড ব্যাটালিয়ন, জয়পুরহাট	
১৮২।	জয়পুরহাট-হ-১১-৯৭০৮	লিফেন মোটরসাইকেল	২০ বর্ডার গার্ড ব্যাটালিয়ন, জয়পুরহাট	
১৮৩।	জয়পুরহাট-হ-১১-৯৯১০	লিফেন মোটরসাইকেল	২০ বর্ডার গার্ড ব্যাটালিয়ন, জয়পুরহাট	
১৮৪।	জয়পুরহাট-হ-১১-৯৯১১	লিফেন মোটরসাইকেল	২০ বর্ডার গার্ড ব্যাটালিয়ন, জয়পুরহাট	
১৮৫।	জয়পুরহাট-হ-১১-৯৯১২	লিফেন মোটরসাইকেল	২০ বর্ডার গার্ড ব্যাটালিয়ন, জয়পুরহাট	
১৮৬।	জয়পুরহাট-হ-১১-৯৯১৩	লিফেন মোটরসাইকেল	২০ বর্ডার গার্ড ব্যাটালিয়ন, জয়পুরহাট	
১৮৭।	জয়পুরহাট-হ-১১-৯৯১৫	লিফেন মোটরসাইকেল	২০ বর্ডার গার্ড ব্যাটালিয়ন, জয়পুরহাট	
১৮৮।	জয়পুরহাট-হ-১১-৯৯১৮	লিফেন মোটরসাইকেল	২০ বর্ডার গার্ড ব্যাটালিয়ন, জয়পুরহাট	
১৮৯।	সিলেট-হ-১৩-০১৫২	ইয়াংগাং মোটর সাইকেল	এফআইই, শ্রীমঙ্গল	
১৯০।	ঢাকা মেট্রো-হ-২১-২৬২২	বাজাজ মোটর সাইকেল	এফআইই, কক্সবাজার	
১৯১।	জামালপুর-হ-০২-০১৯২	হিরো মোটরসাইকেল	৩৫ বর্ডার গার্ড ব্যাটালিয়ন, জামালপুর	
১৯২।	জামালপুর-হ-০২-০১৯১	হিরো মোটরসাইকেল	৩৫ বর্ডার গার্ড ব্যাটালিয়ন, জামালপুর	
১৯৩।	জামালপুর-হ-০২-০১৯০	হিরো মোটরসাইকেল	৩৫ বর্ডার গার্ড ব্যাটালিয়ন, জামালপুর	
১৯৪।	জামালপুর-হ-১১-৩২৭৪	ইয়াংগাং মোটর সাইকেল	৩৫ বর্ডার গার্ড ব্যাটালিয়ন, জামালপুর	
১৯৫।	জামালপুর-হ-১১-৩২৭৫	ইয়াংগাং মোটর সাইকেল	৩৫ বর্ডার গার্ড ব্যাটালিয়ন, জামালপুর	
১৯৬।	ঢাকা মেট্রো-হ-২১-২০৮১	বাজাজ মোটর সাইকেল	এফআইই সদর, বিজিবি রংপুর	
১৯৭।	নেত্রকোনা-হ-১১-০৩৯২	হিরো মোটরসাইকেল	১১ বর্ডার গার্ড ব্যাটালিয়ন, নেত্রকোনা	
১৯৮।	নেত্রকোনা-হ-১১-০৩৯৩	হিরো মোটরসাইকেল	১১ বর্ডার গার্ড ব্যাটালিয়ন, নেত্রকোনা	
১৯৯।	নওগাঁ-হ-১২-৩০৮০	ইয়াংগাং মোটর সাইকেল	১৪ বর্ডার গার্ড ব্যাটালিয়ন, পত্নীতলা	
২০০।	নওগাঁ-হ-১২-৩০৮১	ইয়াংগাং মোটর সাইকেল	১৪ বর্ডার গার্ড ব্যাটালিয়ন, পত্নীতলা	
২০১।	নওগাঁ-হ-১২-৩০৮৩	ইয়াংগাং মোটর সাইকেল	১৪ বর্ডার গার্ড ব্যাটালিয়ন, পত্নীতলা	
২০২।	নওগাঁ-হ-১২-৩০৮২	ইয়াংগাং মোটর সাইকেল	১৪ বর্ডার গার্ড ব্যাটালিয়ন, পত্নীতলা	
২০৩।	নেত্রকোনা-হ-১১-১৩৭২	ইয়াংগাং মোটর সাইকেল	১১ বর্ডার গার্ড ব্যাটালিয়ন, নেত্রকোনা	
২০৪।	বি-বাড়িয়া-হ-১১-১৬৪৪	ইয়াংগাং মোটর সাইকেল	২৫ বর্ডার গার্ড ব্যাটালিয়ন, সরাইল	
২০৫।	বি-বাড়িয়া-হ-১১-১৬৪৫	ইয়াংগাং মোটর সাইকেল	২৫ বর্ডার গার্ড ব্যাটালিয়ন, সরাইল	
২০৬।	বি-বাড়িয়া-হ-১১-১৬৪৬	ইয়াংগাং মোটর সাইকেল	২৫ বর্ডার গার্ড ব্যাটালিয়ন, সরাইল	
২০৭।	রাঙ্গামাটি-হ-১১-০৫৭৮	ইয়াংগাং মোটর সাইকেল	২৭ বর্ডার গার্ড ব্যাটালিয়ন,ছোট হরিণা	
২০৮।	খুলনা মেট্রো-হ-১১-৮৮৯৮	ইয়াংগাং মোটর সাইকেল	সেক্টর সদর দপ্তর, খুলনা	
২০৯।	খুলনা মেট্রো-হ-১১-৮৮৯৬	ইয়াংগাং মোটর সাইকেল	২১ বর্ডার গার্ড ব্যাটা:, খুলনা	
২১০।	খুলনা মেট্রো-হ-১১-৮৮৯৭	ইয়াংগাং মোটর সাইকেল	২১ বর্ডার গার্ড ব্যাটা:, খুলনা	
২১১।	নওগাঁ-হ-১২-৩০৭৯	ইয়াংগাং মোটর সাইকেল	১৪ বর্ডার গার্ড ব্যাটা: পত্নীতলা	
২১২।	কুড়িগ্রাম-হ-১১-৫৬৮৯	ইয়াংগাং মোটর সাইকেল	৪৫ বর্ডার গার্ড ব্যাটা: কুড়িগ্রাম	
২১৩।	কুমিল্লা-হ-১১-৩০০৩	ইয়াংগাং মোটর সাইকেল	১০ বর্ডার গার্ড ব্যাটালিয়ন, কুমিল্লা	
২১৪।	সাতক্ষীরা-হ-১২-৫৫৭৪	ইয়াংগাং মোটর সাইকেল	৩৮ বিজিবি, সাতক্ষীরা	
২১৫।	কুষ্টিয়া-এ-০২-০২২২	মোটর সাইকেল	৪৮ বর্ডার গার্ড ব্যাটালিয়ন, সিলেট।	
২১৬।	রাঙ্গামাটি-এ-০২-০০৫২	মোটর সাইকেল	৩৭ বর্ডার গার্ড ব্যাটালিয়ন, রাজনগর	
২১৭।	সুনামগঞ্জ-হ-১১-১১২২	ইয়াংগাং মোটর সাইকেল	২৮ বর্ডার গার্ড ব্যাটালিয়ন, সুনামগঞ্জ।	
২১৮।	সুনামগঞ্জ-হ-১১-১১২৩	ইয়াংগাং মোটর সাইকেল	২৮ বর্ডার গার্ড ব্যাটালিয়ন, সুনামগঞ্জ।	
২১৯।	সুনামগঞ্জ-হ-১১-১১২৪	ইয়াংগাং মোটর সাইকেল	২৮ বর্ডার গার্ড ব্যাটালিয়ন, সুনামগঞ্জ।	
১। অকেজো গাড়ীর দরপত্র সিডিউল বাংলাদেশের যে কোন ব্যক্তি/প্রতিষ্ঠান ক্রয় করতে পারবেন।
২। দরপত্র সিডিউল আগামী ২১ জানুয়ারি ২০১৮ হতে ১৪ ফেব্রুয়ারি ২০১৮ তারিখ পর্যন্ত অফিস চলাকালীন সময়ে (সরকারী ছুটির দিন ব্যতীত) সদর দপ্তর বর্ডার গার্ড বাংলাদেশ, লজিস্টিকস শাখা ইএমই পরিদপ্তর, ঢাকা এবং বর্ডার গার্ড বাংলাদেশ এর সকল সেক্টর সদর দপ্তর অফিস খুলনা/কুষ্টিয়া/রাজশাহী/রংপুর/দিনাজপুর/ঠাকুরগাঁও/ময়মনসিংহ/সিলেট/শ্রীমঙ্গল/কুমিল্লা/খাগড়াছড়ি/গুইমারা/রাঙ্গামাটি/কক্সবাজার/বান্দরবান এবং ৮ বর্ডার গার্ড ব্যাটালিয়ন, চট্টগ্রাম-এর অফিস হতে ক্রয় করা যাবে।
৩। বর্ণিত সিডিউলের মূল্য নগদ ৫০০/- (পাঁচশত) টাকা (অফেরতযোগ্য)
৪। উক্ত সিডিউল ক্রয় সাপেক্ষে ১৩ ফেব্রুয়ারী ২০১৮ তারিখের মধ্যে অফিস চলাকালীন সময়ে উল্লেখিত অকেজো মোটরযান সমূহ সংশ্লিষ্ট ইউনিট এলাকায় পরিদর্শন করা যাবে।
৫। দরপত্র সিডিউল আগামী ১৫ ফেব্রুয়ারী ২০১৮ তারিখ সকাল ০৮৩০ ঘটিকা হতে ১১৩০ ঘটিকা পর্যন্ত সময়ে বর্ডার গার্ড বাংলাদেশ এর সকল সেক্টর সদর দপ্তর অফিসে খুলনা/কুষ্টিয়া/রাজশাহী/রংপুর/দিনাজপুর/ঠাকুরগাঁও/ময়মনসিংহ/সিলেট/শ্রীমঙ্গল/কুমিল্লা/খাগড়াছড়ি/গুইমারা/রাঙ্গামাটি/কক্সবাজার/বান্দরবান ও ৮ বর্ডার গার্ড ব্যাটালিয়ন, চট্টগ্রাম এবং সদর দপ্তর বর্ডার গার্ড বাংলাদেশ, লজিস্টিকস শাখা, ইএমই পরিদপ্তর এর অফিসে রক্ষিত টেন্ডার বাক্সে গ্রহণ করা হবে এবং ঐদিনই ১২০০ ঘটিকায় উপস্থিত দরপত্র দাতাদের সম্মুখে (যদি কেউ উপস্থিত থাকেন) খোলা হবে।
৬। বর্ডার গার্ড বাংলাদেশ কর্তৃক কোন কারণ দর্শানো ব্যতিরেকে যে কোন দরপত্র আংশিক/পূর্ণ গ্রহণ বা বাতিল করার ক্ষমতা সংরক্ষণ করেন।
জি-১০৫/১৮ (১৫ x ৮)	লেঃ কর্ণেল
মহাপরিচালক এর পক্ষে
